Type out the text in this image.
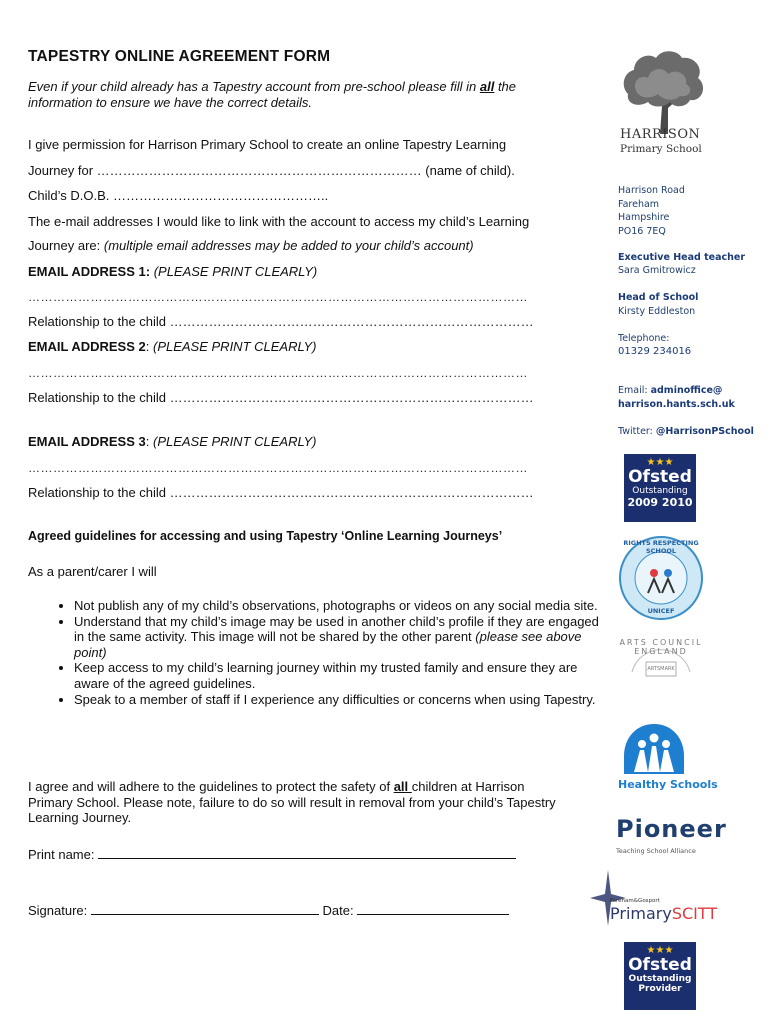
TAPESTRY ONLINE AGREEMENT FORM
Even if your child already has a Tapestry account from pre-school please fill in all the
information to ensure we have the correct details.
I give permission for Harrison Primary School to create an online Tapestry Learning
Journey for ………………………………………………………………… (name of child).
Child’s D.O.B. …………………………………………..
The e-mail addresses I would like to link with the account to access my child’s Learning
Journey are: (multiple email addresses may be added to your child’s account)
EMAIL ADDRESS 1: (PLEASE PRINT CLEARLY)
…………………………………………………………………………………………………………
Relationship to the child …………………………………………………………………………
EMAIL ADDRESS 2: (PLEASE PRINT CLEARLY)
…………………………………………………………………………………………………………
Relationship to the child …………………………………………………………………………
EMAIL ADDRESS 3: (PLEASE PRINT CLEARLY)
…………………………………………………………………………………………………………
Relationship to the child …………………………………………………………………………
Agreed guidelines for accessing and using Tapestry ‘Online Learning Journeys’
As a parent/carer I will
• Not publish any of my child’s observations, photographs or videos on any social media site.
• Understand that my child’s image may be used in another child’s profile if they are engaged in the same activity. This image will not be shared by the other parent (please see above point)
• Keep access to my child’s learning journey within my trusted family and ensure they are aware of the agreed guidelines.
• Speak to a member of staff if I experience any difficulties or concerns when using Tapestry.
I agree and will adhere to the guidelines to protect the safety of all children at Harrison Primary School. Please note, failure to do so will result in removal from your child’s Tapestry Learning Journey.
Print name:
Signature:	Date:
HARRISON
Primary School
Harrison Road
Fareham
Hampshire
PO16 7EQ
Executive Head teacher
Sara Gmitrowicz
Head of School
Kirsty Eddleston
Telephone:
01329 234016
Email: adminoffice@
harrison.hants.sch.uk
Twitter: @HarrisonPSchool
★★★
Ofsted
Outstanding
2009 2010
RIGHTS RESPECTING SCHOOL
UNICEF
ARTS COUNCIL ENGLAND
ARTSMARK
Healthy Schools
Pioneer
Teaching School Alliance
Fareham&Gosport
PrimarySCITT
★★★
Ofsted
Outstanding
Provider
